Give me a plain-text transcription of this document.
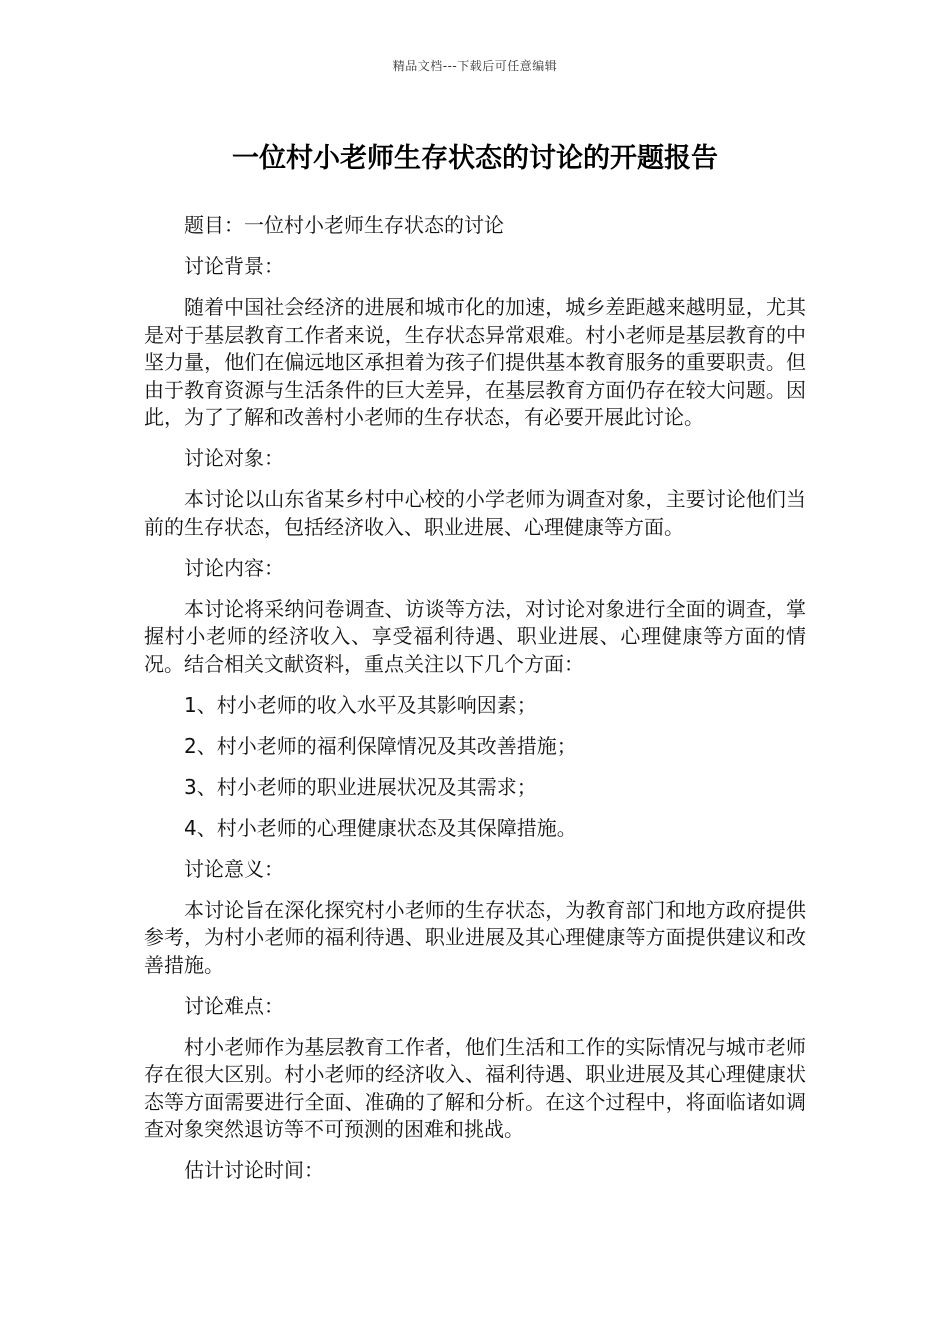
精品文档---下载后可任意编辑
一位村小老师生存状态的讨论的开题报告

题目：一位村小老师生存状态的讨论

讨论背景：

随着中国社会经济的进展和城市化的加速，城乡差距越来越明显，尤其是对于基层教育工作者来说，生存状态异常艰难。村小老师是基层教育的中坚力量，他们在偏远地区承担着为孩子们提供基本教育服务的重要职责。但由于教育资源与生活条件的巨大差异，在基层教育方面仍存在较大问题。因此，为了了解和改善村小老师的生存状态，有必要开展此讨论。

讨论对象：

本讨论以山东省某乡村中心校的小学老师为调查对象，主要讨论他们当前的生存状态，包括经济收入、职业进展、心理健康等方面。

讨论内容：

本讨论将采纳问卷调查、访谈等方法，对讨论对象进行全面的调查，掌握村小老师的经济收入、享受福利待遇、职业进展、心理健康等方面的情况。结合相关文献资料，重点关注以下几个方面：

1、村小老师的收入水平及其影响因素；

2、村小老师的福利保障情况及其改善措施；

3、村小老师的职业进展状况及其需求；

4、村小老师的心理健康状态及其保障措施。

讨论意义：

本讨论旨在深化探究村小老师的生存状态，为教育部门和地方政府提供参考，为村小老师的福利待遇、职业进展及其心理健康等方面提供建议和改善措施。

讨论难点：

村小老师作为基层教育工作者，他们生活和工作的实际情况与城市老师存在很大区别。村小老师的经济收入、福利待遇、职业进展及其心理健康状态等方面需要进行全面、准确的了解和分析。在这个过程中，将面临诸如调查对象突然退访等不可预测的困难和挑战。

估计讨论时间：
